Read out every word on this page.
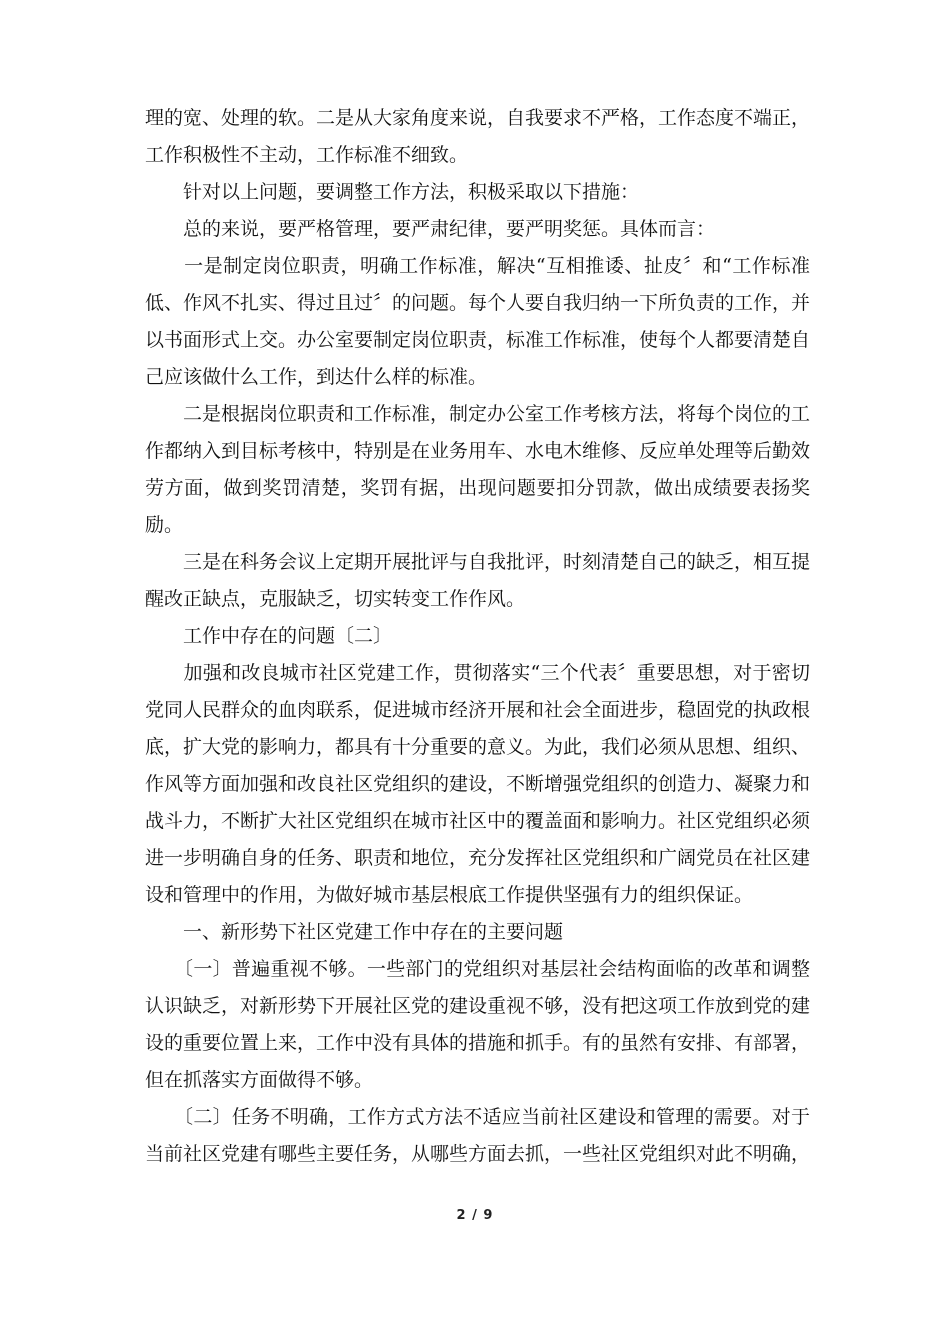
理的宽、处理的软。二是从大家角度来说，自我要求不严格，工作态度不端正，工作积极性不主动，工作标准不细致。

　　针对以上问题，要调整工作方法，积极采取以下措施：

　　总的来说，要严格管理，要严肃纪律，要严明奖惩。具体而言：

　　一是制定岗位职责，明确工作标准，解决“互相推诿、扯皮〞和“工作标准低、作风不扎实、得过且过〞的问题。每个人要自我归纳一下所负责的工作，并以书面形式上交。办公室要制定岗位职责，标准工作标准，使每个人都要清楚自己应该做什么工作，到达什么样的标准。

　　二是根据岗位职责和工作标准，制定办公室工作考核方法，将每个岗位的工作都纳入到目标考核中，特别是在业务用车、水电木维修、反应单处理等后勤效劳方面，做到奖罚清楚，奖罚有据，出现问题要扣分罚款，做出成绩要表扬奖励。

　　三是在科务会议上定期开展批评与自我批评，时刻清楚自己的缺乏，相互提醒改正缺点，克服缺乏，切实转变工作作风。

　　工作中存在的问题〔二〕

　　加强和改良城市社区党建工作，贯彻落实“三个代表〞重要思想，对于密切党同人民群众的血肉联系，促进城市经济开展和社会全面进步，稳固党的执政根底，扩大党的影响力，都具有十分重要的意义。为此，我们必须从思想、组织、作风等方面加强和改良社区党组织的建设，不断增强党组织的创造力、凝聚力和战斗力，不断扩大社区党组织在城市社区中的覆盖面和影响力。社区党组织必须进一步明确自身的任务、职责和地位，充分发挥社区党组织和广阔党员在社区建设和管理中的作用，为做好城市基层根底工作提供坚强有力的组织保证。

　　一、新形势下社区党建工作中存在的主要问题

　　〔一〕普遍重视不够。一些部门的党组织对基层社会结构面临的改革和调整认识缺乏，对新形势下开展社区党的建设重视不够，没有把这项工作放到党的建设的重要位置上来，工作中没有具体的措施和抓手。有的虽然有安排、有部署，但在抓落实方面做得不够。

　　〔二〕任务不明确，工作方式方法不适应当前社区建设和管理的需要。对于当前社区党建有哪些主要任务，从哪些方面去抓，一些社区党组织对此不明确，

2 / 9
